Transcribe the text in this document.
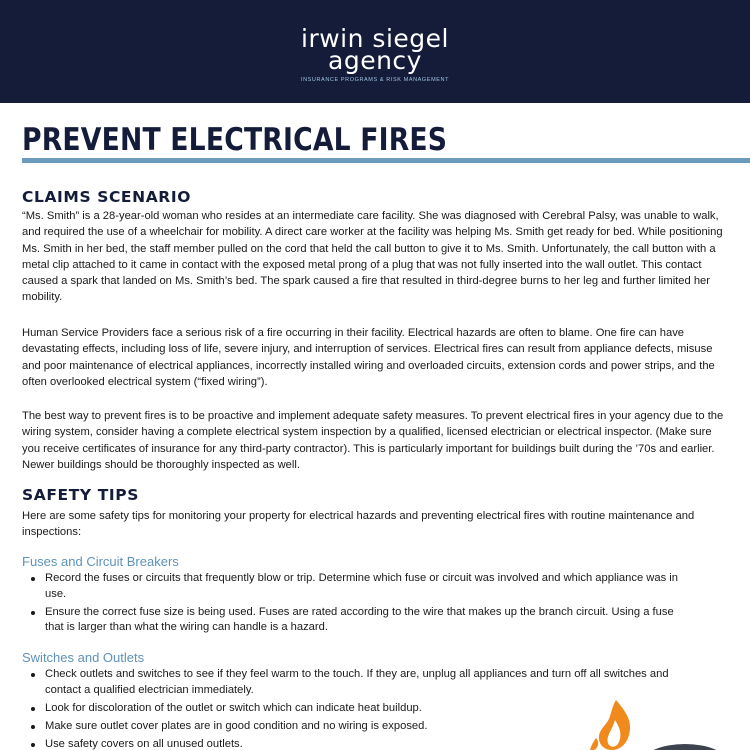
irwin siegel
agency
INSURANCE PROGRAMS & RISK MANAGEMENT
PREVENT ELECTRICAL FIRES
CLAIMS SCENARIO
“Ms. Smith” is a 28-year-old woman who resides at an intermediate care facility. She was diagnosed with Cerebral Palsy, was unable to walk, and required the use of a wheelchair for mobility. A direct care worker at the facility was helping Ms. Smith get ready for bed. While positioning Ms. Smith in her bed, the staff member pulled on the cord that held the call button to give it to Ms. Smith. Unfortunately, the call button with a metal clip attached to it came in contact with the exposed metal prong of a plug that was not fully inserted into the wall outlet. This contact caused a spark that landed on Ms. Smith’s bed. The spark caused a fire that resulted in third-degree burns to her leg and further limited her mobility.
Human Service Providers face a serious risk of a fire occurring in their facility. Electrical hazards are often to blame. One fire can have devastating effects, including loss of life, severe injury, and interruption of services. Electrical fires can result from appliance defects, misuse and poor maintenance of electrical appliances, incorrectly installed wiring and overloaded circuits, extension cords and power strips, and the often overlooked electrical system (“fixed wiring”).
The best way to prevent fires is to be proactive and implement adequate safety measures. To prevent electrical fires in your agency due to the wiring system, consider having a complete electrical system inspection by a qualified, licensed electrician or electrical inspector. (Make sure you receive certificates of insurance for any third-party contractor). This is particularly important for buildings built during the ’70s and earlier. Newer buildings should be thoroughly inspected as well.
SAFETY TIPS
Here are some safety tips for monitoring your property for electrical hazards and preventing electrical fires with routine maintenance and inspections:
Fuses and Circuit Breakers
Record the fuses or circuits that frequently blow or trip. Determine which fuse or circuit was involved and which appliance was in use.
Ensure the correct fuse size is being used. Fuses are rated according to the wire that makes up the branch circuit. Using a fuse that is larger than what the wiring can handle is a hazard.
Switches and Outlets
Check outlets and switches to see if they feel warm to the touch. If they are, unplug all appliances and turn off all switches and contact a qualified electrician immediately.
Look for discoloration of the outlet or switch which can indicate heat buildup.
Make sure outlet cover plates are in good condition and no wiring is exposed.
Use safety covers on all unused outlets.
